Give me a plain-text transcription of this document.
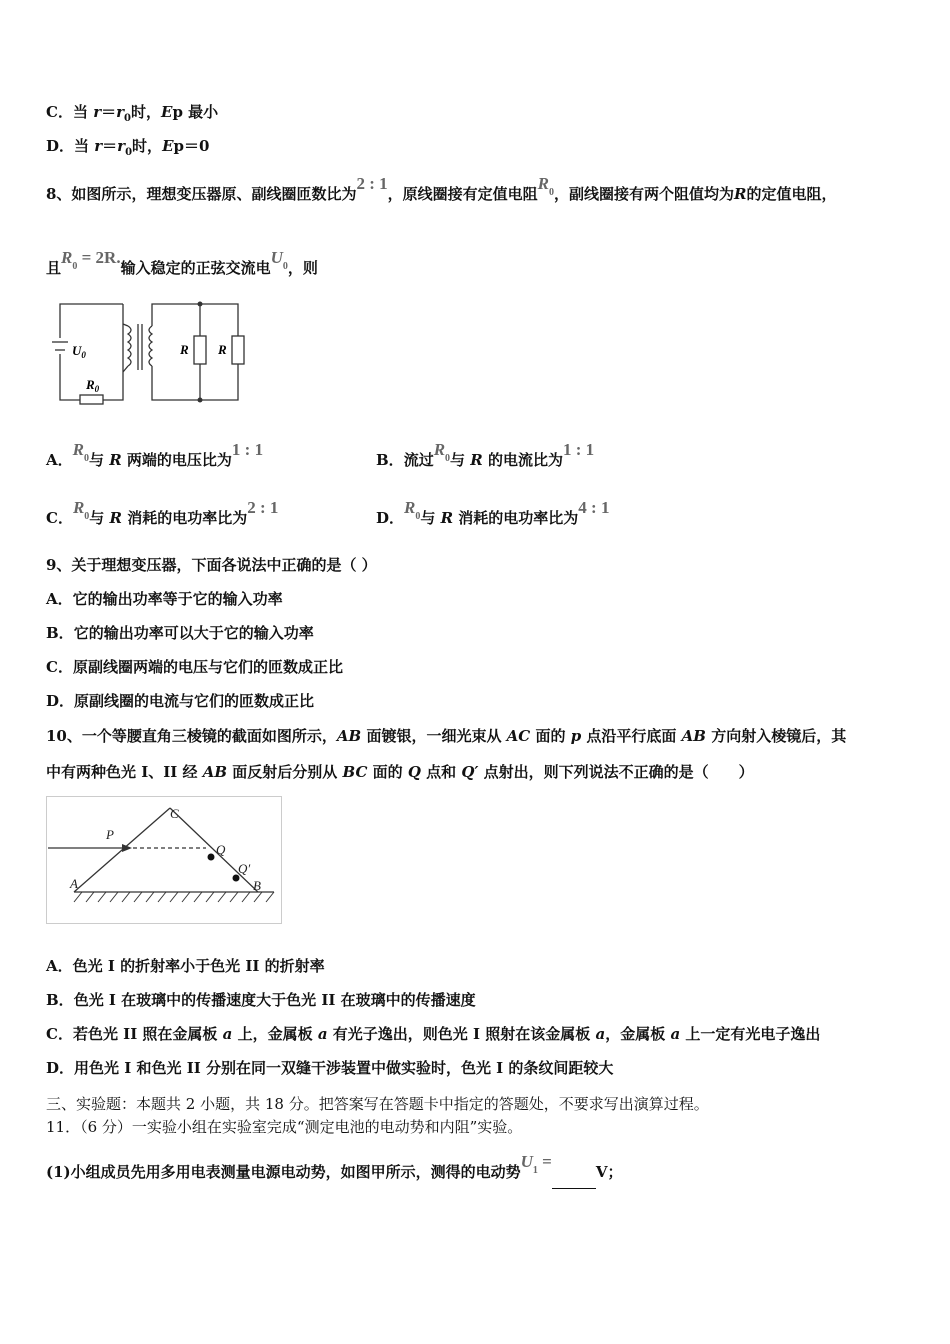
C．当 $r=r_0$时，Ep 最小
D．当 $r=r_0$时，Ep＝0
8、如图所示，理想变压器原、副线圈匝数比为2 : 1，原线圈接有定值电阻$R_0$，副线圈接有两个阻值均为R的定值电阻，
且$R_0 = 2R$.输入稳定的正弦交流电$U_0$，则
$U_0$
$R_0$
R R
A．$R_0$与 R 两端的电压比为1 : 1
B．流过$R_0$与 R 的电流比为1 : 1
C．$R_0$与 R 消耗的电功率比为2 : 1
D．$R_0$与 R 消耗的电功率比为4 : 1
9、关于理想变压器，下面各说法中正确的是（ ）
A．它的输出功率等于它的输入功率
B．它的输出功率可以大于它的输入功率
C．原副线圈两端的电压与它们的匝数成正比
D．原副线圈的电流与它们的匝数成正比
10、一个等腰直角三棱镜的截面如图所示，AB 面镀银，一细光束从 AC 面的 p 点沿平行底面 AB 方向射入棱镜后，其
中有两种色光 I、II 经 AB 面反射后分别从 BC 面的 Q 点和 Q′ 点射出，则下列说法不正确的是（　　）
A	B
C
P
Q
Q′
A．色光 I 的折射率小于色光 II 的折射率
B．色光 I 在玻璃中的传播速度大于色光 II 在玻璃中的传播速度
C．若色光 II 照在金属板 a 上，金属板 a 有光子逸出，则色光 I 照射在该金属板 a，金属板 a 上一定有光电子逸出
D．用色光 I 和色光 II 分别在同一双缝干涉装置中做实验时，色光 I 的条纹间距较大
三、实验题：本题共 2 小题，共 18 分。把答案写在答题卡中指定的答题处，不要求写出演算过程。
11．（6 分）一实验小组在实验室完成“测定电池的电动势和内阻”实验。
(1)小组成员先用多用电表测量电源电动势，如图甲所示，测得的电动势$U_1 =V$；
